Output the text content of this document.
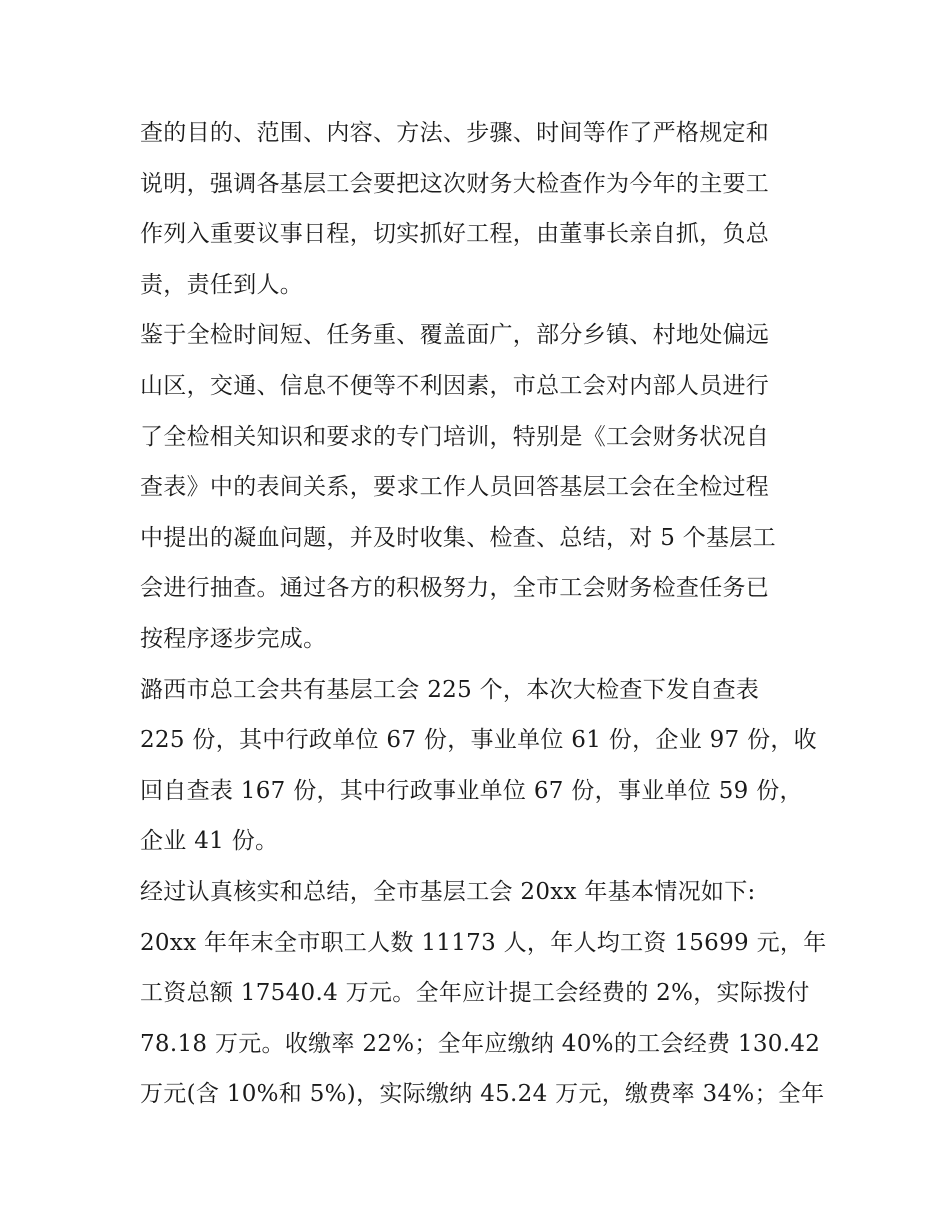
查的目的、范围、内容、方法、步骤、时间等作了严格规定和
说明，强调各基层工会要把这次财务大检查作为今年的主要工
作列入重要议事日程，切实抓好工程，由董事长亲自抓，负总
责，责任到人。
鉴于全检时间短、任务重、覆盖面广，部分乡镇、村地处偏远
山区，交通、信息不便等不利因素，市总工会对内部人员进行
了全检相关知识和要求的专门培训，特别是《工会财务状况自
查表》中的表间关系，要求工作人员回答基层工会在全检过程
中提出的凝血问题，并及时收集、检查、总结，对 5 个基层工
会进行抽查。通过各方的积极努力，全市工会财务检查任务已
按程序逐步完成。
潞西市总工会共有基层工会 225 个，本次大检查下发自查表
225 份，其中行政单位 67 份，事业单位 61 份，企业 97 份，收
回自查表 167 份，其中行政事业单位 67 份，事业单位 59 份，
企业 41 份。
经过认真核实和总结，全市基层工会 20xx 年基本情况如下:
20xx 年年末全市职工人数 11173 人，年人均工资 15699 元，年
工资总额 17540.4 万元。全年应计提工会经费的 2%，实际拨付
78.18 万元。收缴率 22%；全年应缴纳 40%的工会经费 130.42
万元(含 10%和 5%)，实际缴纳 45.24 万元，缴费率 34%；全年
